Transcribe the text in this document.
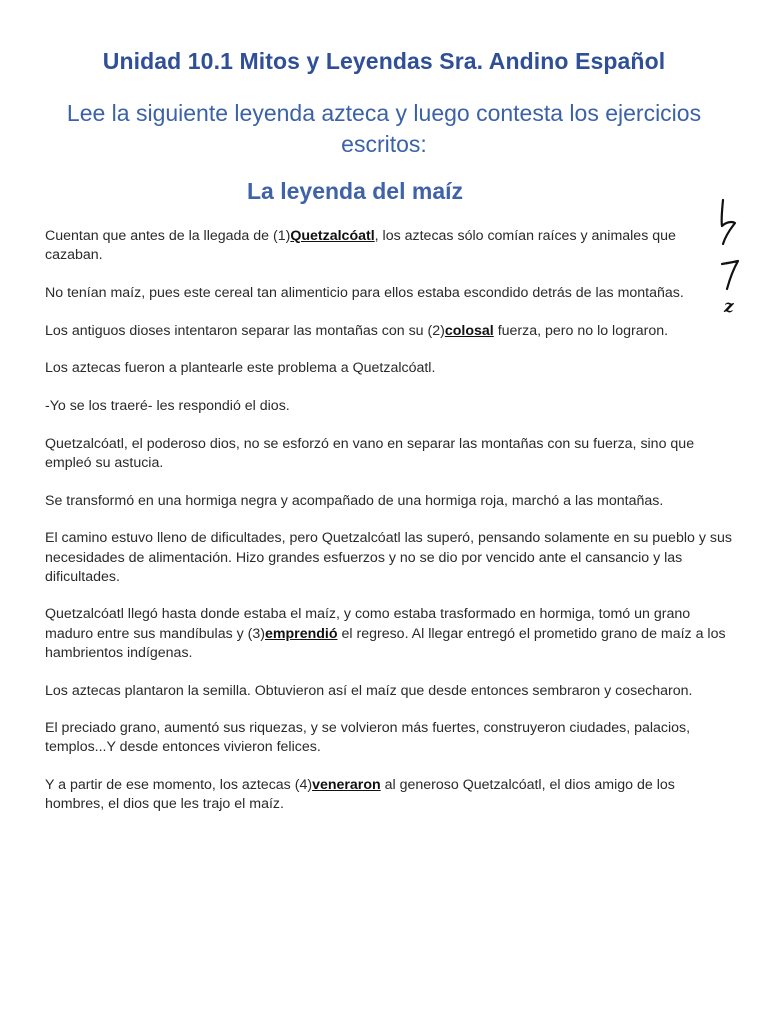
Unidad 10.1 Mitos y Leyendas Sra. Andino Español
Lee la siguiente leyenda azteca y luego contesta los ejercicios escritos:
La leyenda del maíz

Cuentan que antes de la llegada de (1)Quetzalcóatl, los aztecas sólo comían raíces y animales que cazaban.

No tenían maíz, pues este cereal tan alimenticio para ellos estaba escondido detrás de las montañas.

Los antiguos dioses intentaron separar las montañas con su (2)colosal fuerza, pero no lo lograron.

Los aztecas fueron a plantearle este problema a Quetzalcóatl.

-Yo se los traeré- les respondió el dios.

Quetzalcóatl, el poderoso dios, no se esforzó en vano en separar las montañas con su fuerza, sino que empleó su astucia.

Se transformó en una hormiga negra y acompañado de una hormiga roja, marchó a las montañas.

El camino estuvo lleno de dificultades, pero Quetzalcóatl las superó, pensando solamente en su pueblo y sus necesidades de alimentación. Hizo grandes esfuerzos y no se dio por vencido ante el cansancio y las dificultades.

Quetzalcóatl llegó hasta donde estaba el maíz, y como estaba trasformado en hormiga, tomó un grano maduro entre sus mandíbulas y (3)emprendió el regreso. Al llegar entregó el prometido grano de maíz a los hambrientos indígenas.

Los aztecas plantaron la semilla. Obtuvieron así el maíz que desde entonces sembraron y cosecharon.

El preciado grano, aumentó sus riquezas, y se volvieron más fuertes, construyeron ciudades, palacios, templos...Y desde entonces vivieron felices.

Y a partir de ese momento, los aztecas (4)veneraron al generoso Quetzalcóatl, el dios amigo de los hombres, el dios que les trajo el maíz.

z
